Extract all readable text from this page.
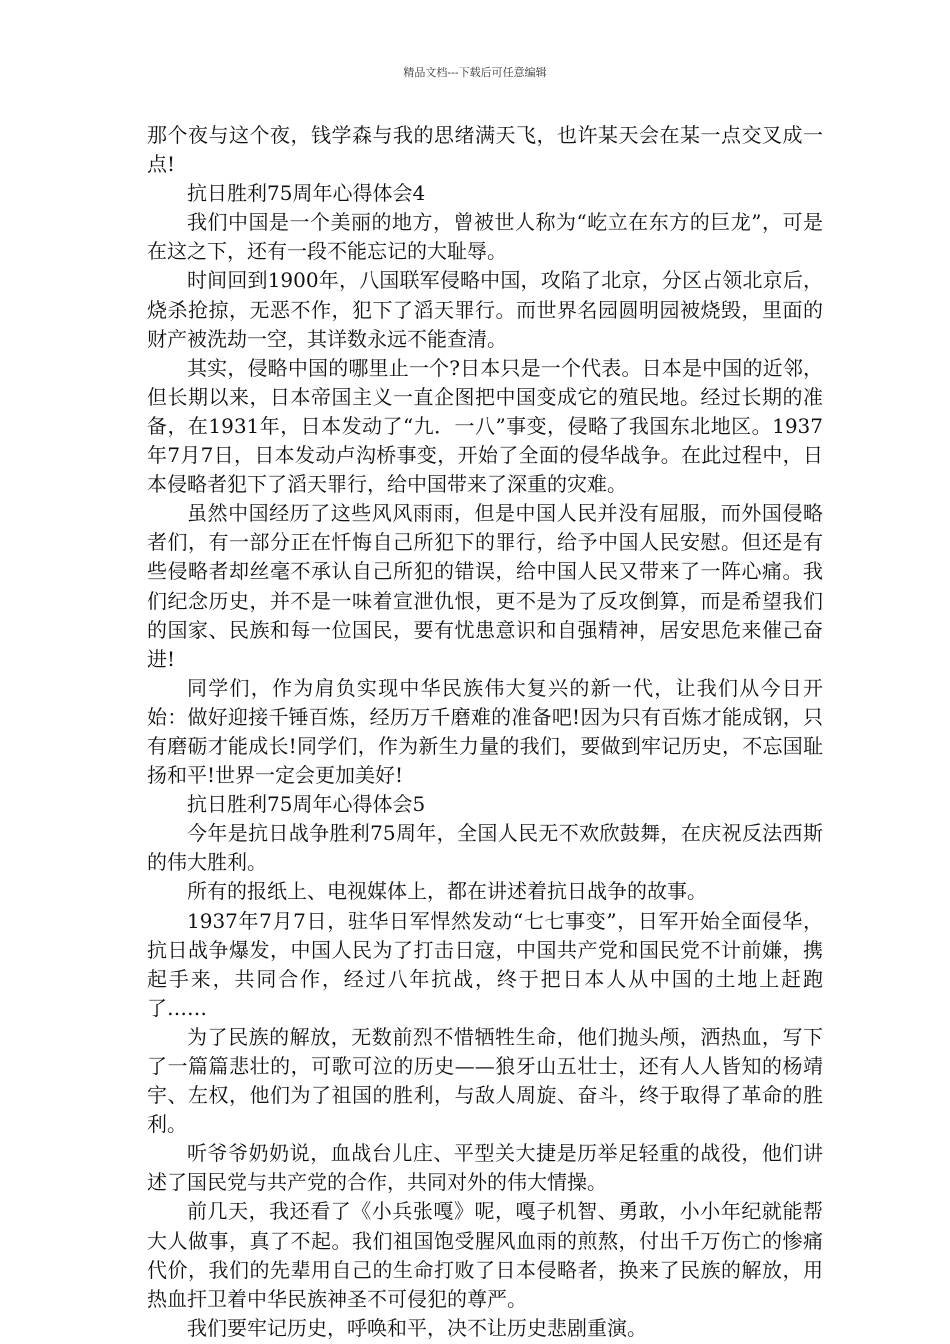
精品文档---下载后可任意编辑

那个夜与这个夜，钱学森与我的思绪满天飞，也许某天会在某一点交叉成一点!

抗日胜利75周年心得体会4

我们中国是一个美丽的地方，曾被世人称为“屹立在东方的巨龙”，可是在这之下，还有一段不能忘记的大耻辱。

时间回到1900年，八国联军侵略中国，攻陷了北京，分区占领北京后，烧杀抢掠，无恶不作，犯下了滔天罪行。而世界名园圆明园被烧毁，里面的财产被洗劫一空，其详数永远不能查清。

其实，侵略中国的哪里止一个?日本只是一个代表。日本是中国的近邻，但长期以来，日本帝国主义一直企图把中国变成它的殖民地。经过长期的准备，在1931年，日本发动了“九．一八”事变，侵略了我国东北地区。1937年7月7日，日本发动卢沟桥事变，开始了全面的侵华战争。在此过程中，日本侵略者犯下了滔天罪行，给中国带来了深重的灾难。

虽然中国经历了这些风风雨雨，但是中国人民并没有屈服，而外国侵略者们，有一部分正在忏悔自己所犯下的罪行，给予中国人民安慰。但还是有些侵略者却丝毫不承认自己所犯的错误，给中国人民又带来了一阵心痛。我们纪念历史，并不是一味着宣泄仇恨，更不是为了反攻倒算，而是希望我们的国家、民族和每一位国民，要有忧患意识和自强精神，居安思危来催己奋进!

同学们，作为肩负实现中华民族伟大复兴的新一代，让我们从今日开始：做好迎接千锤百炼，经历万千磨难的准备吧!因为只有百炼才能成钢，只有磨砺才能成长!同学们，作为新生力量的我们，要做到牢记历史，不忘国耻扬和平!世界一定会更加美好!

抗日胜利75周年心得体会5

今年是抗日战争胜利75周年，全国人民无不欢欣鼓舞，在庆祝反法西斯的伟大胜利。

所有的报纸上、电视媒体上，都在讲述着抗日战争的故事。

1937年7月7日，驻华日军悍然发动“七七事变”，日军开始全面侵华，抗日战争爆发，中国人民为了打击日寇，中国共产党和国民党不计前嫌，携起手来，共同合作，经过八年抗战，终于把日本人从中国的土地上赶跑了……

为了民族的解放，无数前烈不惜牺牲生命，他们抛头颅，洒热血，写下了一篇篇悲壮的，可歌可泣的历史——狼牙山五壮士，还有人人皆知的杨靖宇、左权，他们为了祖国的胜利，与敌人周旋、奋斗，终于取得了革命的胜利。

听爷爷奶奶说，血战台儿庄、平型关大捷是历举足轻重的战役，他们讲述了国民党与共产党的合作，共同对外的伟大情操。

前几天，我还看了《小兵张嘎》呢，嘎子机智、勇敢，小小年纪就能帮大人做事，真了不起。我们祖国饱受腥风血雨的煎熬，付出千万伤亡的惨痛代价，我们的先辈用自己的生命打败了日本侵略者，换来了民族的解放，用热血扞卫着中华民族神圣不可侵犯的尊严。

我们要牢记历史，呼唤和平，决不让历史悲剧重演。
